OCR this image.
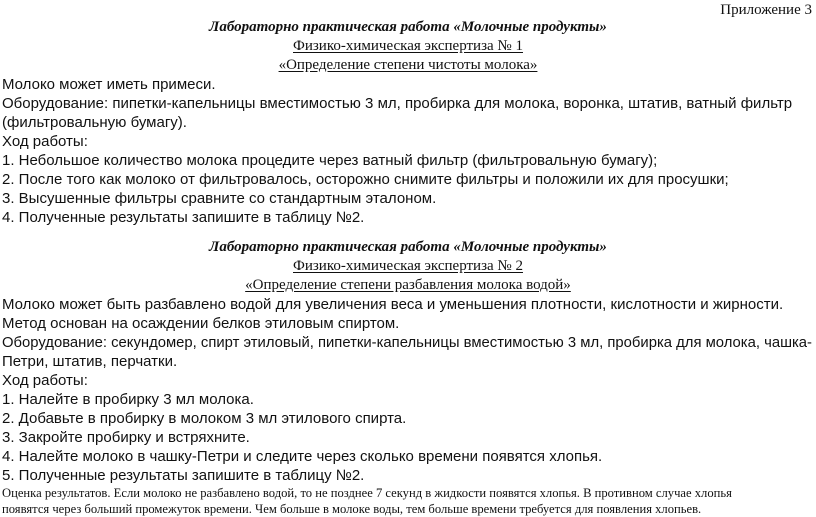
Приложение 3
Лабораторно практическая работа «Молочные продукты»
Физико-химическая экспертиза № 1
«Определение степени чистоты молока»
Молоко может иметь примеси.
Оборудование: пипетки-капельницы вместимостью 3 мл, пробирка для молока, воронка, штатив, ватный фильтр
(фильтровальную бумагу).
Ход работы:
1. Небольшое количество молока процедите через ватный фильтр (фильтровальную бумагу);
2. После того как молоко от фильтровалось, осторожно снимите фильтры и положили их для просушки;
3. Высушенные фильтры сравните со стандартным эталоном.
4. Полученные результаты запишите в таблицу №2.
Лабораторно практическая работа «Молочные продукты»
Физико-химическая экспертиза № 2
«Определение степени разбавления молока водой»
Молоко может быть разбавлено водой для увеличения веса и уменьшения плотности, кислотности и жирности.
Метод основан на осаждении белков этиловым спиртом.
Оборудование: секундомер, спирт этиловый, пипетки-капельницы вместимостью 3 мл, пробирка для молока, чашка-
Петри, штатив, перчатки.
Ход работы:
1. Налейте в пробирку 3 мл молока.
2. Добавьте в пробирку в молоком 3 мл этилового спирта.
3. Закройте пробирку и встряхните.
4. Налейте молоко в чашку-Петри и следите через сколько времени появятся хлопья.
5. Полученные результаты запишите в таблицу №2.
Оценка результатов. Если молоко не разбавлено водой, то не позднее 7 секунд в жидкости появятся хлопья. В противном случае хлопья
появятся через больший промежуток времени. Чем больше в молоке воды, тем больше времени требуется для появления хлопьев.
